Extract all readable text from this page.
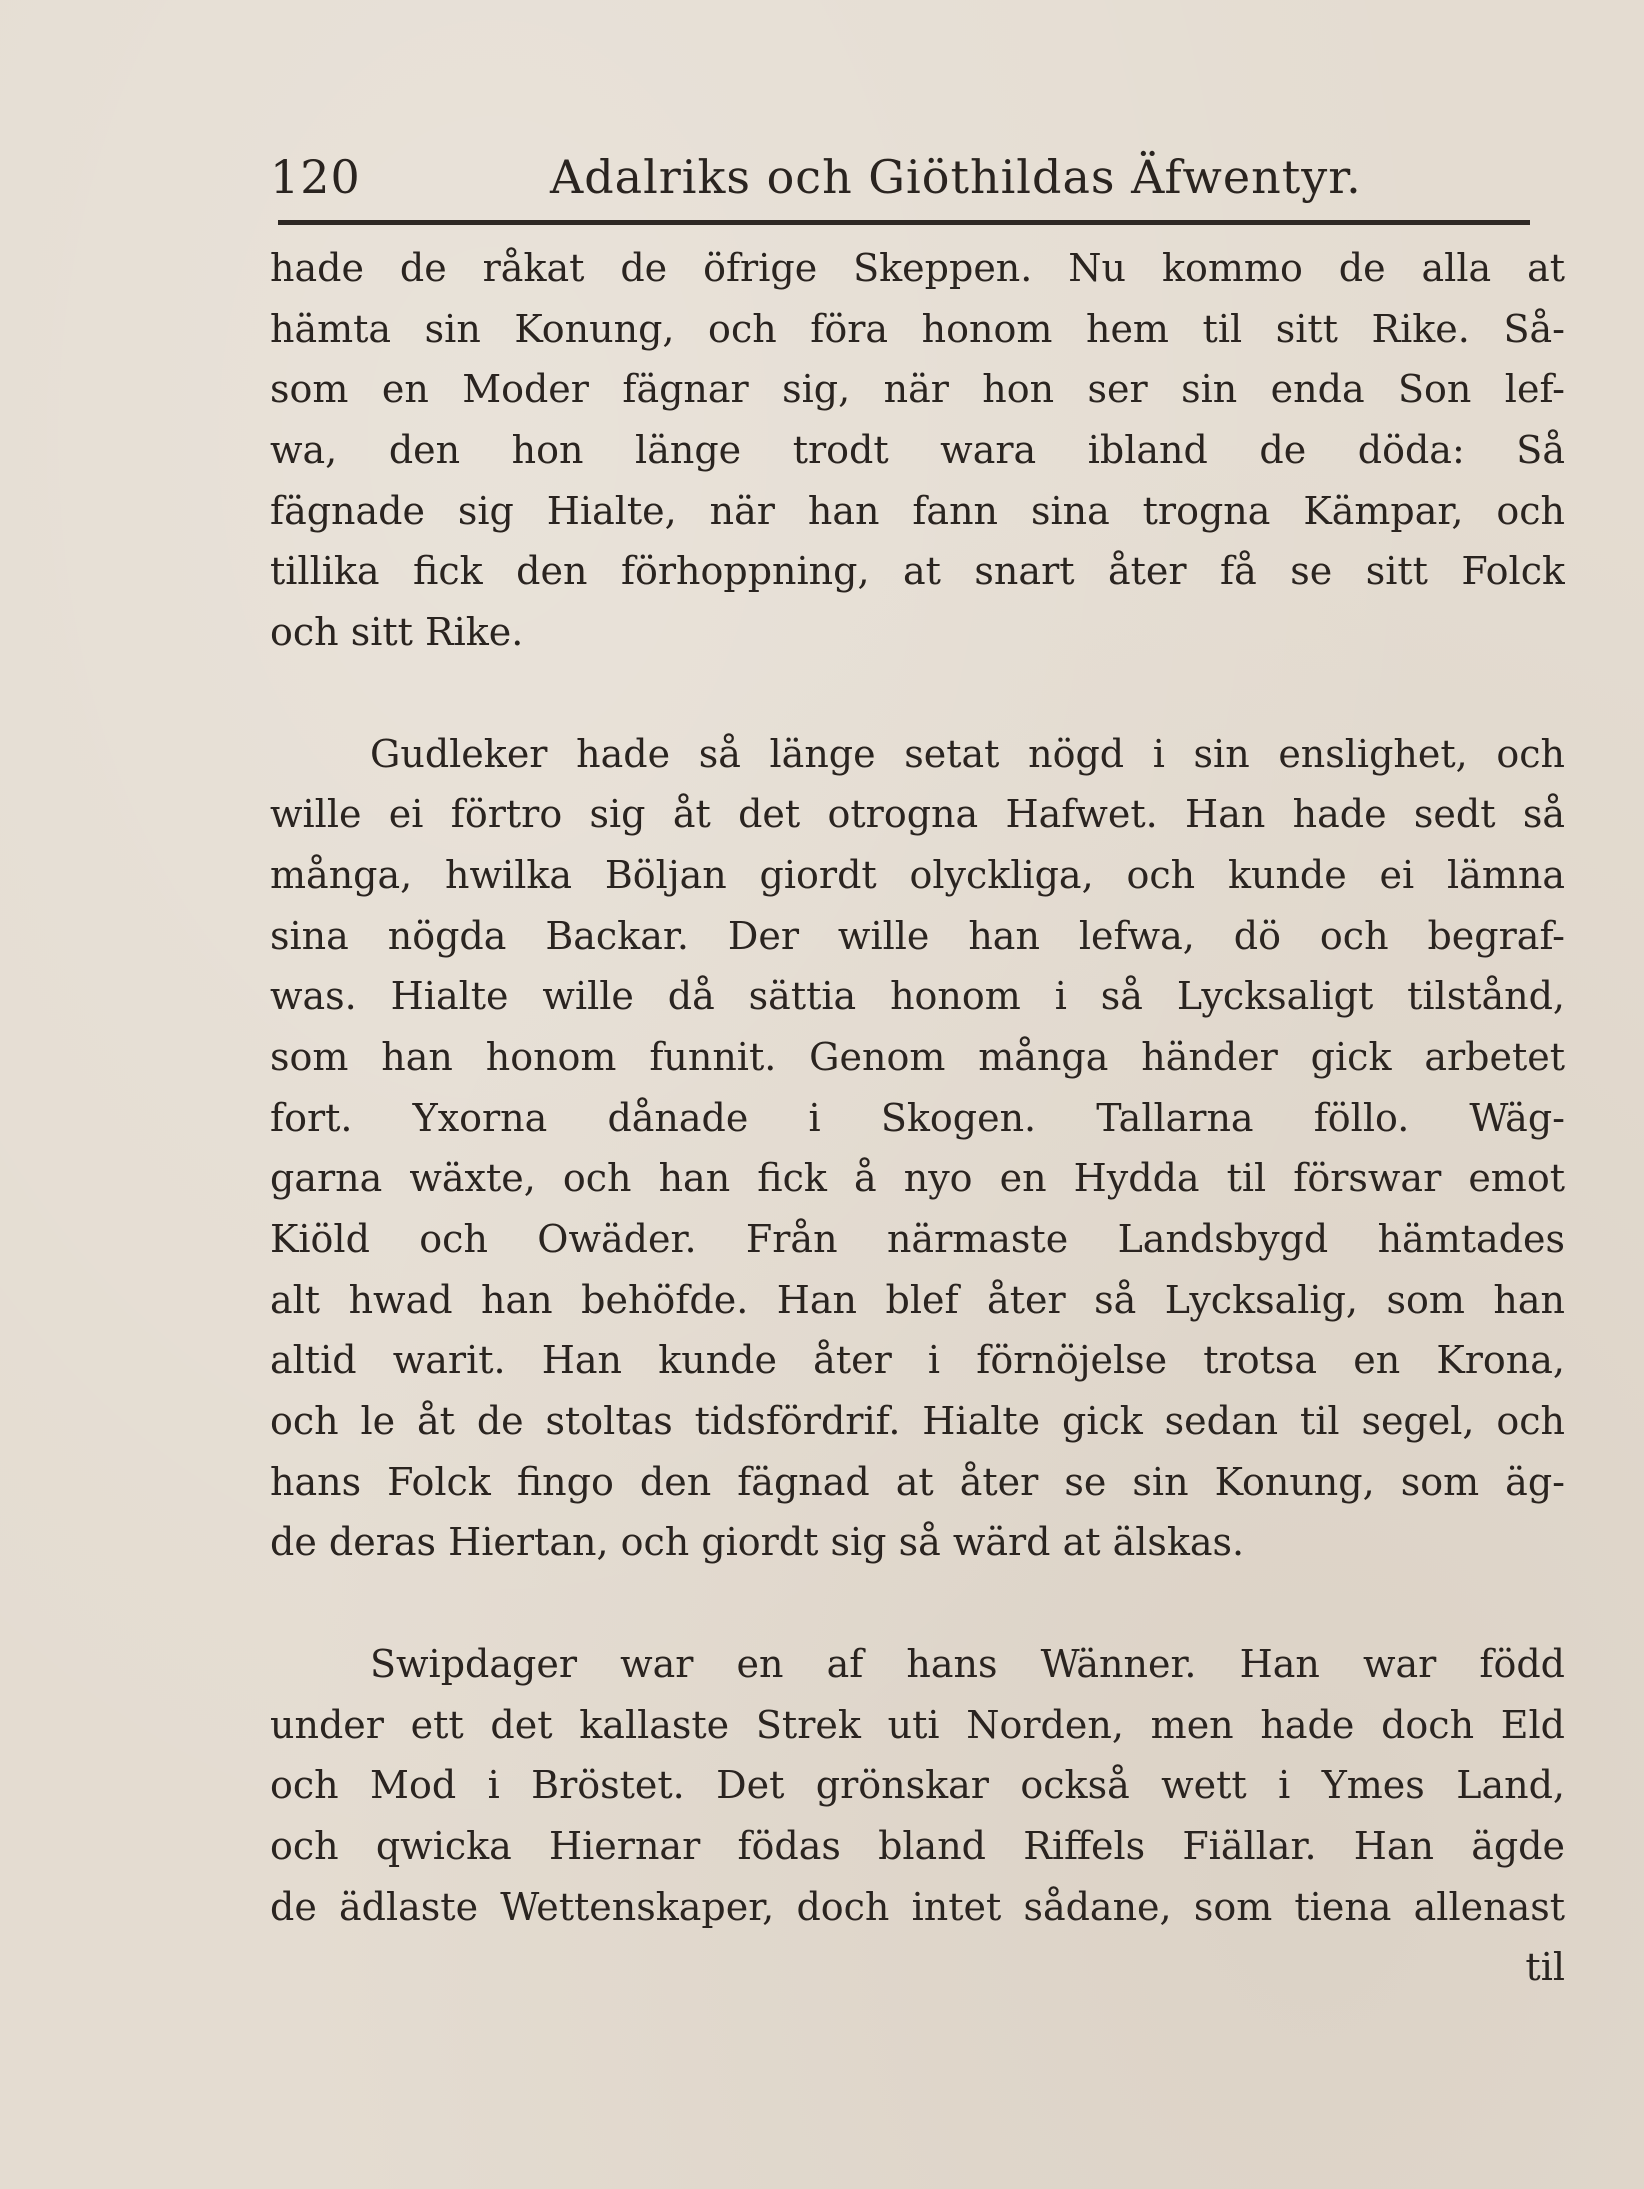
120	Adalriks och Giöthildas Äfwentyr.
hade de råkat de öfrige Skeppen. Nu kommo de alla at
hämta sin Konung, och föra honom hem til sitt Rike. Så-
som en Moder fägnar sig, när hon ser sin enda Son lef-
wa, den hon länge trodt wara ibland de döda: Så
fägnade sig Hialte, när han fann sina trogna Kämpar, och
tillika fick den förhoppning, at snart åter få se sitt Folck
och sitt Rike.
Gudleker hade så länge setat nögd i sin enslighet, och
wille ei förtro sig åt det otrogna Hafwet. Han hade sedt så
många, hwilka Böljan giordt olyckliga, och kunde ei lämna
sina nögda Backar. Der wille han lefwa, dö och begraf-
was. Hialte wille då sättia honom i så Lycksaligt tilstånd,
som han honom funnit. Genom många händer gick arbetet
fort. Yxorna dånade i Skogen. Tallarna föllo. Wäg-
garna wäxte, och han fick å nyo en Hydda til förswar emot
Kiöld och Owäder. Från närmaste Landsbygd hämtades
alt hwad han behöfde. Han blef åter så Lycksalig, som han
altid warit. Han kunde åter i förnöjelse trotsa en Krona,
och le åt de stoltas tidsfördrif. Hialte gick sedan til segel, och
hans Folck fingo den fägnad at åter se sin Konung, som äg-
de deras Hiertan, och giordt sig så wärd at älskas.
Swipdager war en af hans Wänner. Han war född
under ett det kallaste Strek uti Norden, men hade doch Eld
och Mod i Bröstet. Det grönskar också wett i Ymes Land,
och qwicka Hiernar födas bland Riffels Fiällar. Han ägde
de ädlaste Wettenskaper, doch intet sådane, som tiena allenast
til
